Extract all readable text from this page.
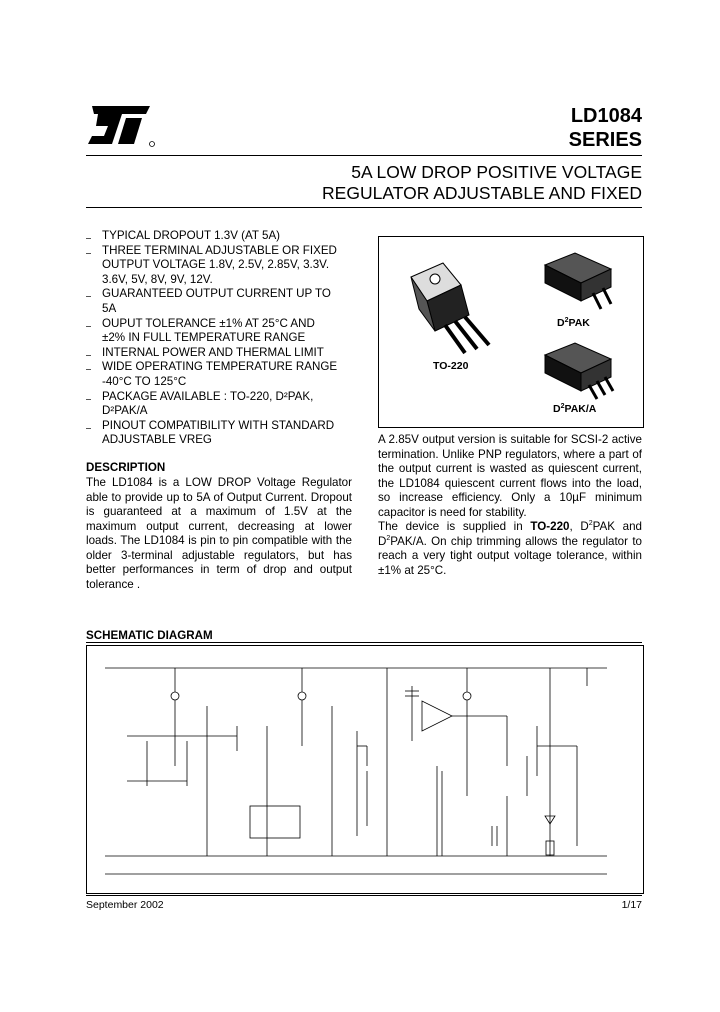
LD1084
SERIES
5A LOW DROP POSITIVE VOLTAGE
REGULATOR ADJUSTABLE AND FIXED
TYPICAL DROPOUT 1.3V (AT 5A)
THREE TERMINAL ADJUSTABLE OR FIXED
OUTPUT VOLTAGE 1.8V, 2.5V, 2.85V, 3.3V.
3.6V, 5V, 8V, 9V, 12V.
GUARANTEED OUTPUT CURRENT UP TO
5A
OUPUT TOLERANCE ±1% AT 25°C AND
±2% IN FULL TEMPERATURE RANGE
INTERNAL POWER AND THERMAL LIMIT
WIDE OPERATING TEMPERATURE RANGE
-40°C TO 125°C
PACKAGE AVAILABLE : TO-220, D²PAK,
D²PAK/A
PINOUT COMPATIBILITY WITH STANDARD
ADJUSTABLE VREG
TO-220
$D^2PAK$
$D^2PAK/A$
DESCRIPTION
The LD1084 is a LOW DROP Voltage Regulator able to provide up to 5A of Output Current. Dropout is guaranteed at a maximum of 1.5V at the maximum output current, decreasing at lower loads. The LD1084 is pin to pin compatible with the older 3-terminal adjustable regulators, but has better performances in term of drop and output tolerance .
A 2.85V output version is suitable for SCSI-2 active termination. Unlike PNP regulators, where a part of the output current is wasted as quiescent current, the LD1084 quiescent current flows into the load, so increase efficiency. Only a 10µF minimum capacitor is need for stability.
The device is supplied in TO-220, $D^2PAK$ and $D^2PAK/A$. On chip trimming allows the regulator to reach a very tight output voltage tolerance, within ±1% at 25°C.
SCHEMATIC DIAGRAM
September 2002	1/17
